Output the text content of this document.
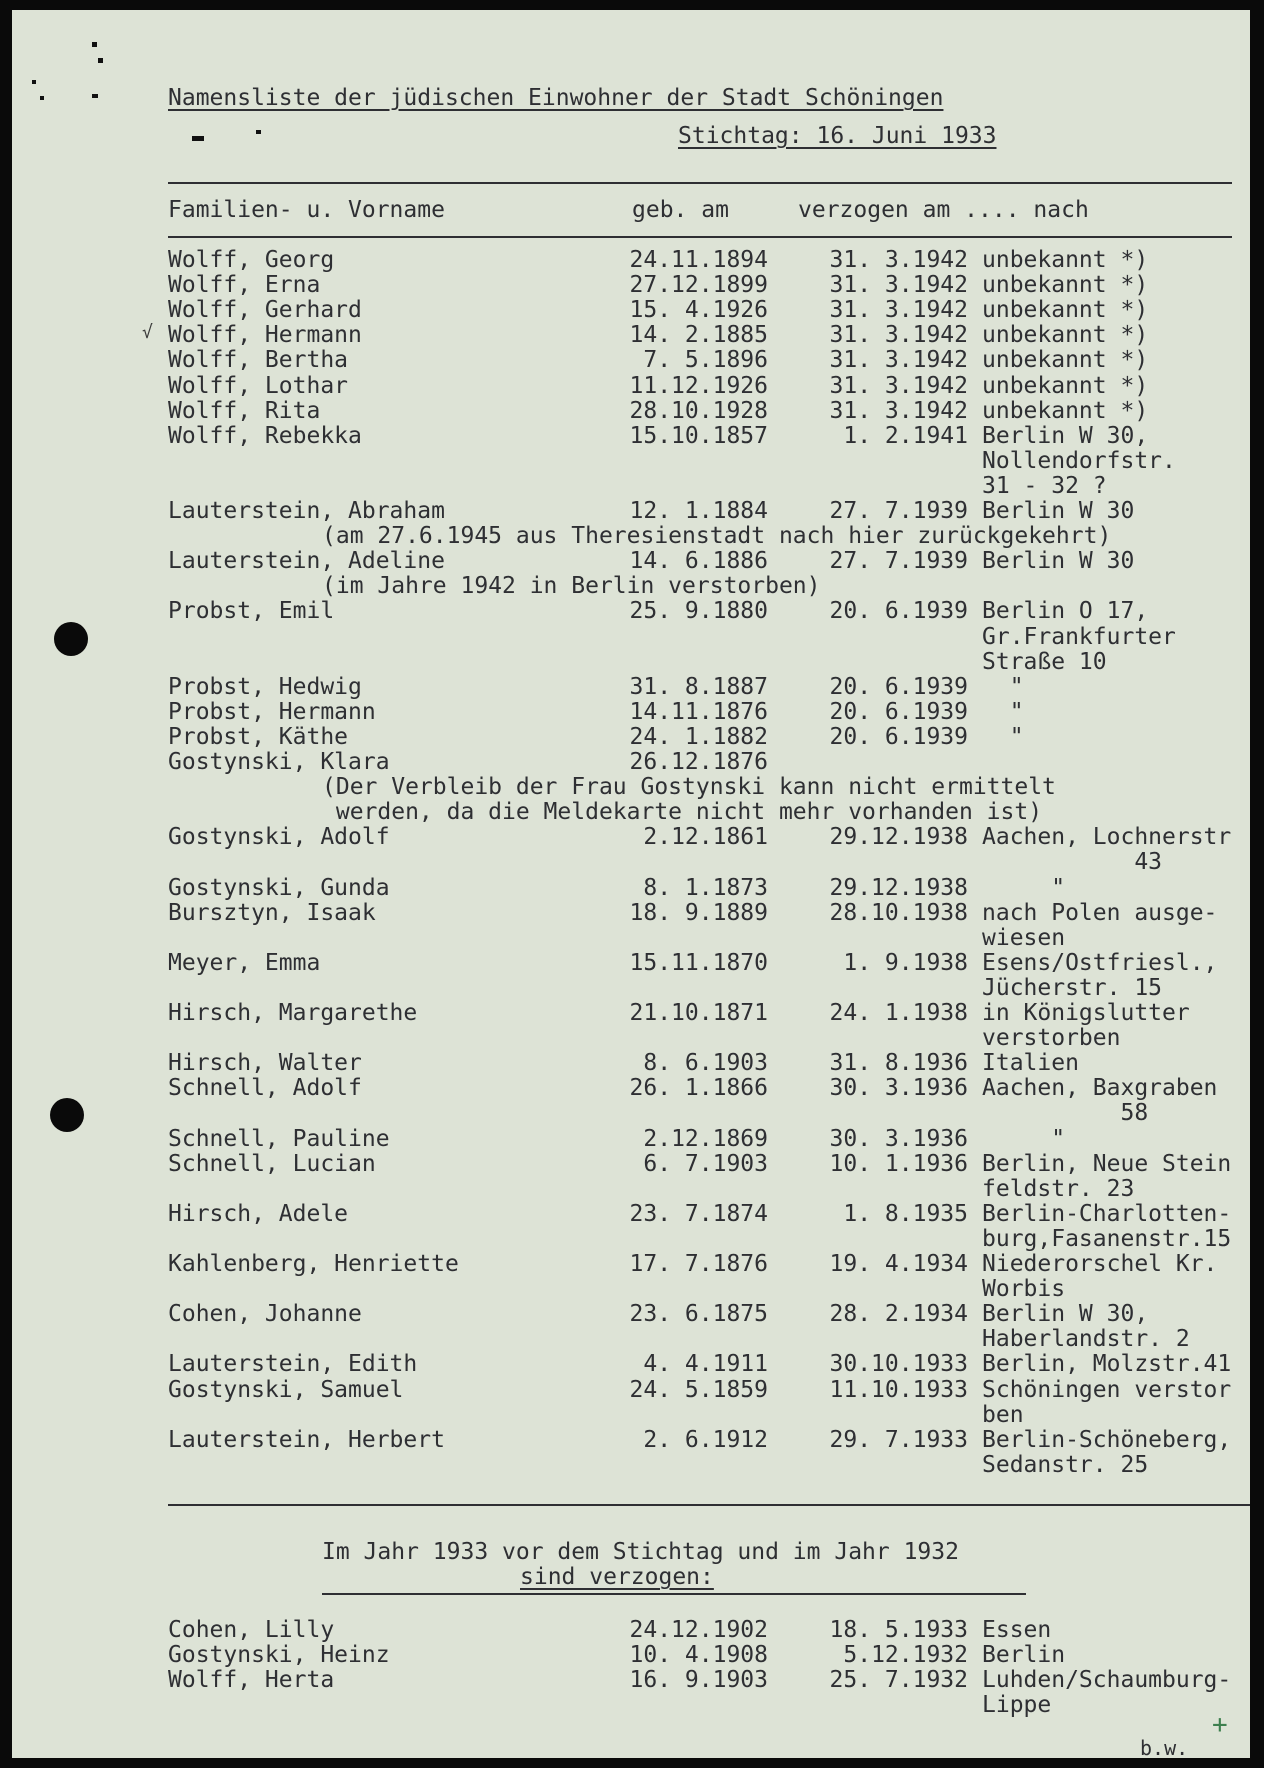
Namensliste der jüdischen Einwohner der Stadt Schöningen
Stichtag: 16. Juni 1933
Familien- u. Vorname	geb. am	verzogen am .... nach
Wolff, Georg	24.11.1894	31. 3.1942 unbekannt *)
Wolff, Erna	27.12.1899	31. 3.1942 unbekannt *)
Wolff, Gerhard	15. 4.1926	31. 3.1942 unbekannt *)
Wolff, Hermann	14. 2.1885	31. 3.1942 unbekannt *)
Wolff, Bertha	7. 5.1896	31. 3.1942 unbekannt *)
Wolff, Lothar	11.12.1926	31. 3.1942 unbekannt *)
Wolff, Rita	28.10.1928	31. 3.1942 unbekannt *)
Wolff, Rebekka	15.10.1857	1. 2.1941 Berlin W 30,
Nollendorfstr.
31 - 32 ?
Lauterstein, Abraham	12. 1.1884	27. 7.1939 Berlin W 30
(am 27.6.1945 aus Theresienstadt nach hier zurückgekehrt)
Lauterstein, Adeline	14. 6.1886	27. 7.1939 Berlin W 30
(im Jahre 1942 in Berlin verstorben)
Probst, Emil	25. 9.1880	20. 6.1939 Berlin O 17,
Gr.Frankfurter
Straße 10
Probst, Hedwig	31. 8.1887	20. 6.1939 "
Probst, Hermann	14.11.1876	20. 6.1939 "
Probst, Käthe	24. 1.1882	20. 6.1939 "
Gostynski, Klara	26.12.1876
(Der Verbleib der Frau Gostynski kann nicht ermittelt
werden, da die Meldekarte nicht mehr vorhanden ist)
Gostynski, Adolf	2.12.1861	29.12.1938 Aachen, Lochnerstr
43
Gostynski, Gunda	8. 1.1873	29.12.1938 "
Bursztyn, Isaak	18. 9.1889	28.10.1938 nach Polen ausge-
wiesen
Meyer, Emma	15.11.1870	1. 9.1938 Esens/Ostfriesl.,
Jücherstr. 15
Hirsch, Margarethe	21.10.1871	24. 1.1938 in Königslutter
verstorben
Hirsch, Walter	8. 6.1903	31. 8.1936 Italien
Schnell, Adolf	26. 1.1866	30. 3.1936 Aachen, Baxgraben
58
Schnell, Pauline	2.12.1869	30. 3.1936 "
Schnell, Lucian	6. 7.1903	10. 1.1936 Berlin, Neue Stein
feldstr. 23
Hirsch, Adele	23. 7.1874	1. 8.1935 Berlin-Charlotten-
burg,Fasanenstr.15
Kahlenberg, Henriette	17. 7.1876	19. 4.1934 Niederorschel Kr.
Worbis
Cohen, Johanne	23. 6.1875	28. 2.1934 Berlin W 30,
Haberlandstr. 2
Lauterstein, Edith	4. 4.1911	30.10.1933 Berlin, Molzstr.41
Gostynski, Samuel	24. 5.1859	11.10.1933 Schöningen verstor
ben
Lauterstein, Herbert	2. 6.1912	29. 7.1933 Berlin-Schöneberg,
Sedanstr. 25
√
Im Jahr 1933 vor dem Stichtag und im Jahr 1932
sind verzogen:
Cohen, Lilly	24.12.1902	18. 5.1933 Essen
Gostynski, Heinz	10. 4.1908	5.12.1932 Berlin
Wolff, Herta	16. 9.1903	25. 7.1932 Luhden/Schaumburg-
Lippe
b.w.
+
